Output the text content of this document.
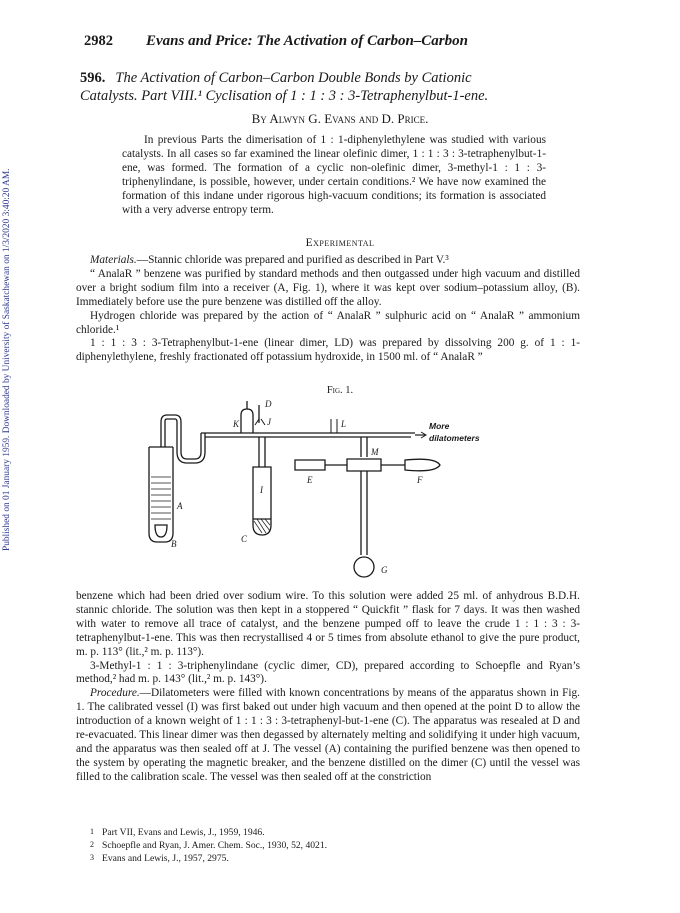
Published on 01 January 1959. Downloaded by University of Saskatchewan on 1/3/2020 3:40:20 AM.
2982 Evans and Price: The Activation of Carbon–Carbon
596. The Activation of Carbon–Carbon Double Bonds by Cationic
Catalysts. Part VIII.¹ Cyclisation of 1 : 1 : 3 : 3-Tetraphenylbut-1-ene.
By Alwyn G. Evans and D. Price.

In previous Parts the dimerisation of 1 : 1-diphenylethylene was studied with various catalysts. In all cases so far examined the linear olefinic dimer, 1 : 1 : 3 : 3-tetraphenylbut-1-ene, was formed. The formation of a cyclic non-olefinic dimer, 3-methyl-1 : 1 : 3-triphenylindane, is possible, however, under certain conditions.² We have now examined the formation of this indane under rigorous high-vacuum conditions; its formation is associated with a very adverse entropy term.

Experimental

Materials.—Stannic chloride was prepared and purified as described in Part V.³

“ AnalaR ” benzene was purified by standard methods and then outgassed under high vacuum and distilled over a bright sodium film into a receiver (A, Fig. 1), where it was kept over sodium–potassium alloy, (B). Immediately before use the pure benzene was distilled off the alloy.

Hydrogen chloride was prepared by the action of “ AnalaR ” sulphuric acid on “ AnalaR ” ammonium chloride.¹

1 : 1 : 3 : 3-Tetraphenylbut-1-ene (linear dimer, LD) was prepared by dissolving 200 g. of 1 : 1-diphenylethylene, freshly fractionated off potassium hydroxide, in 1500 ml. of “ AnalaR ”

Fig. 1.
A
B	C
D
E	F
G
I
J
K	L
M
More
dilatometers

benzene which had been dried over sodium wire. To this solution were added 25 ml. of anhydrous B.D.H. stannic chloride. The solution was then kept in a stoppered “ Quickfit ” flask for 7 days. It was then washed with water to remove all trace of catalyst, and the benzene pumped off to leave the crude 1 : 1 : 3 : 3-tetraphenylbut-1-ene. This was then recrystallised 4 or 5 times from absolute ethanol to give the pure product, m. p. 113° (lit.,² m. p. 113°).

3-Methyl-1 : 1 : 3-triphenylindane (cyclic dimer, CD), prepared according to Schoepfle and Ryan’s method,² had m. p. 143° (lit.,² m. p. 143°).

Procedure.—Dilatometers were filled with known concentrations by means of the apparatus shown in Fig. 1. The calibrated vessel (I) was first baked out under high vacuum and then opened at the point D to allow the introduction of a known weight of 1 : 1 : 3 : 3-tetraphenyl-but-1-ene (C). The apparatus was resealed at D and re-evacuated. This linear dimer was then degassed by alternately melting and solidifying it under high vacuum, and the apparatus was then sealed off at J. The vessel (A) containing the purified benzene was then opened to the system by operating the magnetic breaker, and the benzene distilled on the dimer (C) until the vessel was filled to the calibration scale. The vessel was then sealed off at the constriction

1 Part VII, Evans and Lewis, J., 1959, 1946.
2 Schoepfle and Ryan, J. Amer. Chem. Soc., 1930, 52, 4021.
3 Evans and Lewis, J., 1957, 2975.
